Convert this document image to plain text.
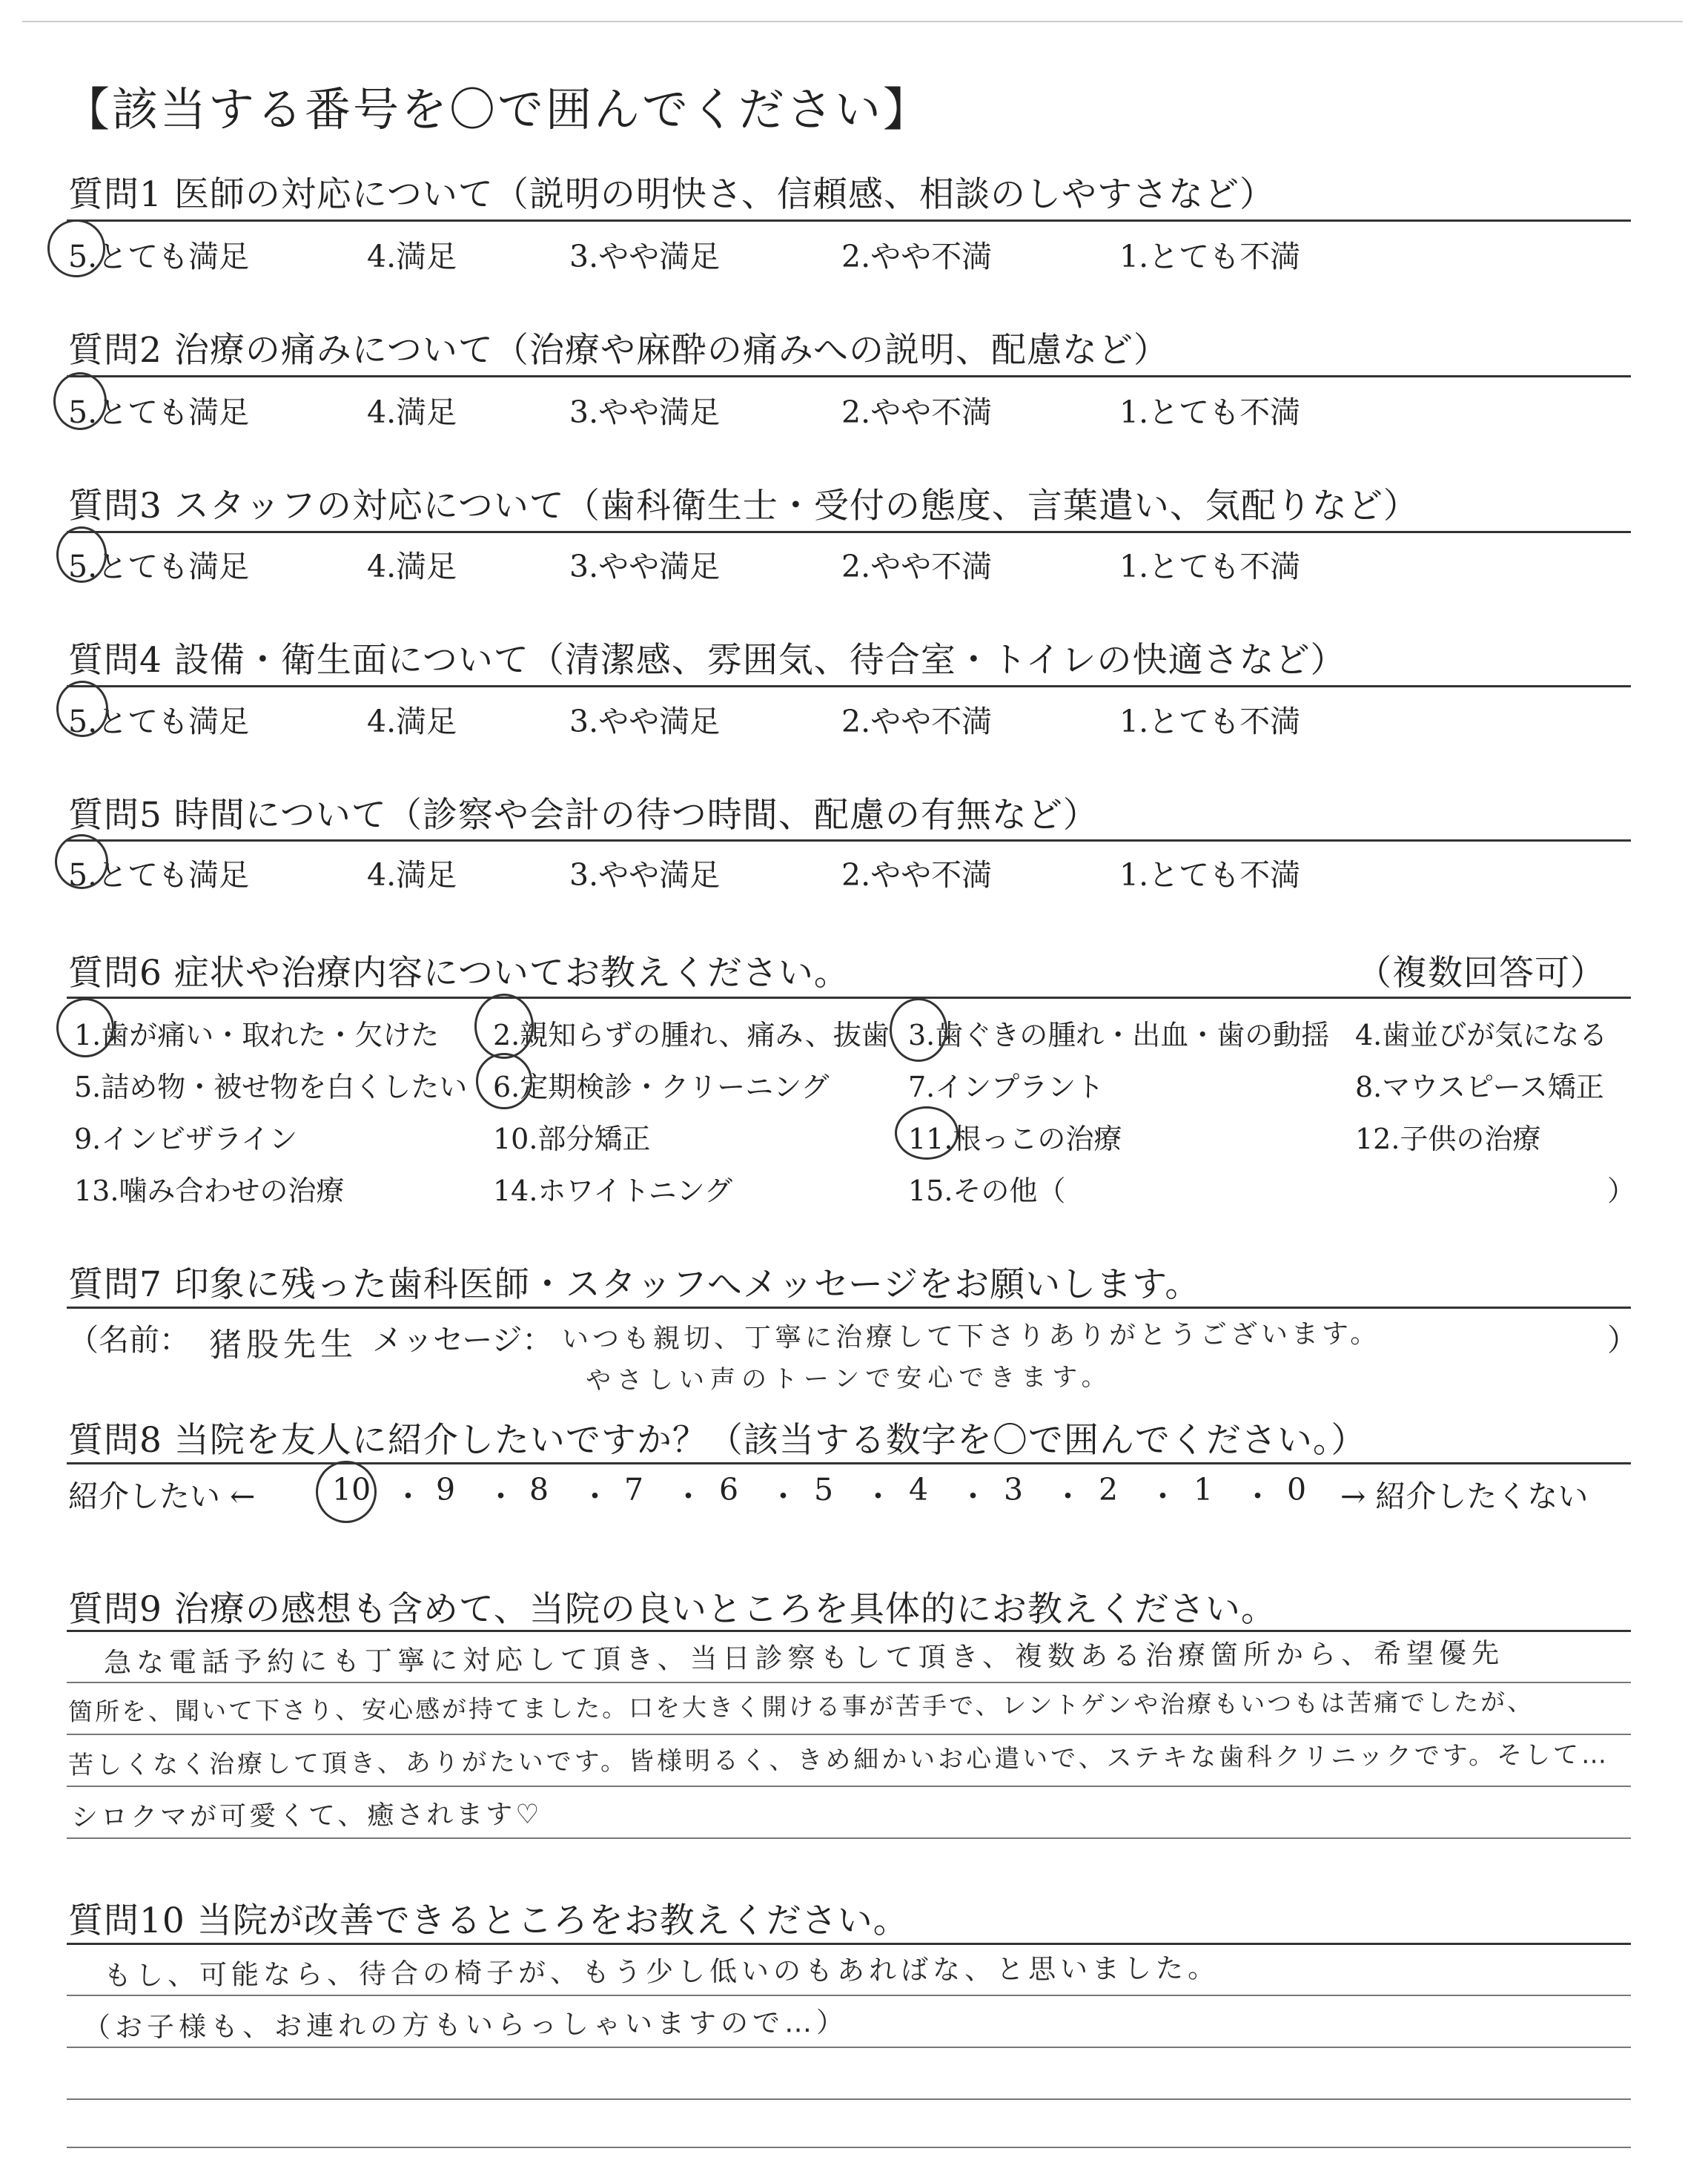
【該当する番号を〇で囲んでください】
質問1 医師の対応について（説明の明快さ、信頼感、相談のしやすさなど）
5.とても満足	4.満足	3.やや満足	2.やや不満	1.とても不満
質問2 治療の痛みについて（治療や麻酔の痛みへの説明、配慮など）
5.とても満足	4.満足	3.やや満足	2.やや不満	1.とても不満
質問3 スタッフの対応について（歯科衛生士・受付の態度、言葉遣い、気配りなど）
5.とても満足	4.満足	3.やや満足	2.やや不満	1.とても不満
質問4 設備・衛生面について（清潔感、雰囲気、待合室・トイレの快適さなど）
5.とても満足	4.満足	3.やや満足	2.やや不満	1.とても不満
質問5 時間について（診察や会計の待つ時間、配慮の有無など）
5.とても満足	4.満足	3.やや満足	2.やや不満	1.とても不満
質問6 症状や治療内容についてお教えください。	（複数回答可）
1.歯が痛い・取れた・欠けた 2.親知らずの腫れ、痛み、抜歯 3.歯ぐきの腫れ・出血・歯の動揺 4.歯並びが気になる
5.詰め物・被せ物を白くしたい 6.定期検診・クリーニング	7.インプラント	8.マウスピース矯正
9.インビザライン	10.部分矯正	11.根っこの治療	12.子供の治療
13.噛み合わせの治療	14.ホワイトニング	15.その他（	）
質問7 印象に残った歯科医師・スタッフへメッセージをお願いします。
（名前： 猪股先生 メッセージ： いつも親切、丁寧に治療して下さりありがとうございます。
やさしい声のトーンで安心できます。
）
質問8 当院を友人に紹介したいですか？（該当する数字を〇で囲んでください。）
紹介したい ←	10 ・ 9 ・ 8 ・ 7 ・ 6 ・ 5 ・ 4 ・ 3 ・ 2 ・ 1 ・ 0 → 紹介したくない
質問9 治療の感想も含めて、当院の良いところを具体的にお教えください。
急な電話予約にも丁寧に対応して頂き、当日診察もして頂き、複数ある治療箇所から、希望優先
箇所を、聞いて下さり、安心感が持てました。口を大きく開ける事が苦手で、レントゲンや治療もいつもは苦痛でしたが、
苦しくなく治療して頂き、ありがたいです。皆様明るく、きめ細かいお心遣いで、ステキな歯科クリニックです。そして…
シロクマが可愛くて、癒されます♡
質問10 当院が改善できるところをお教えください。
もし、可能なら、待合の椅子が、もう少し低いのもあればな、と思いました。
（お子様も、お連れの方もいらっしゃいますので…）
